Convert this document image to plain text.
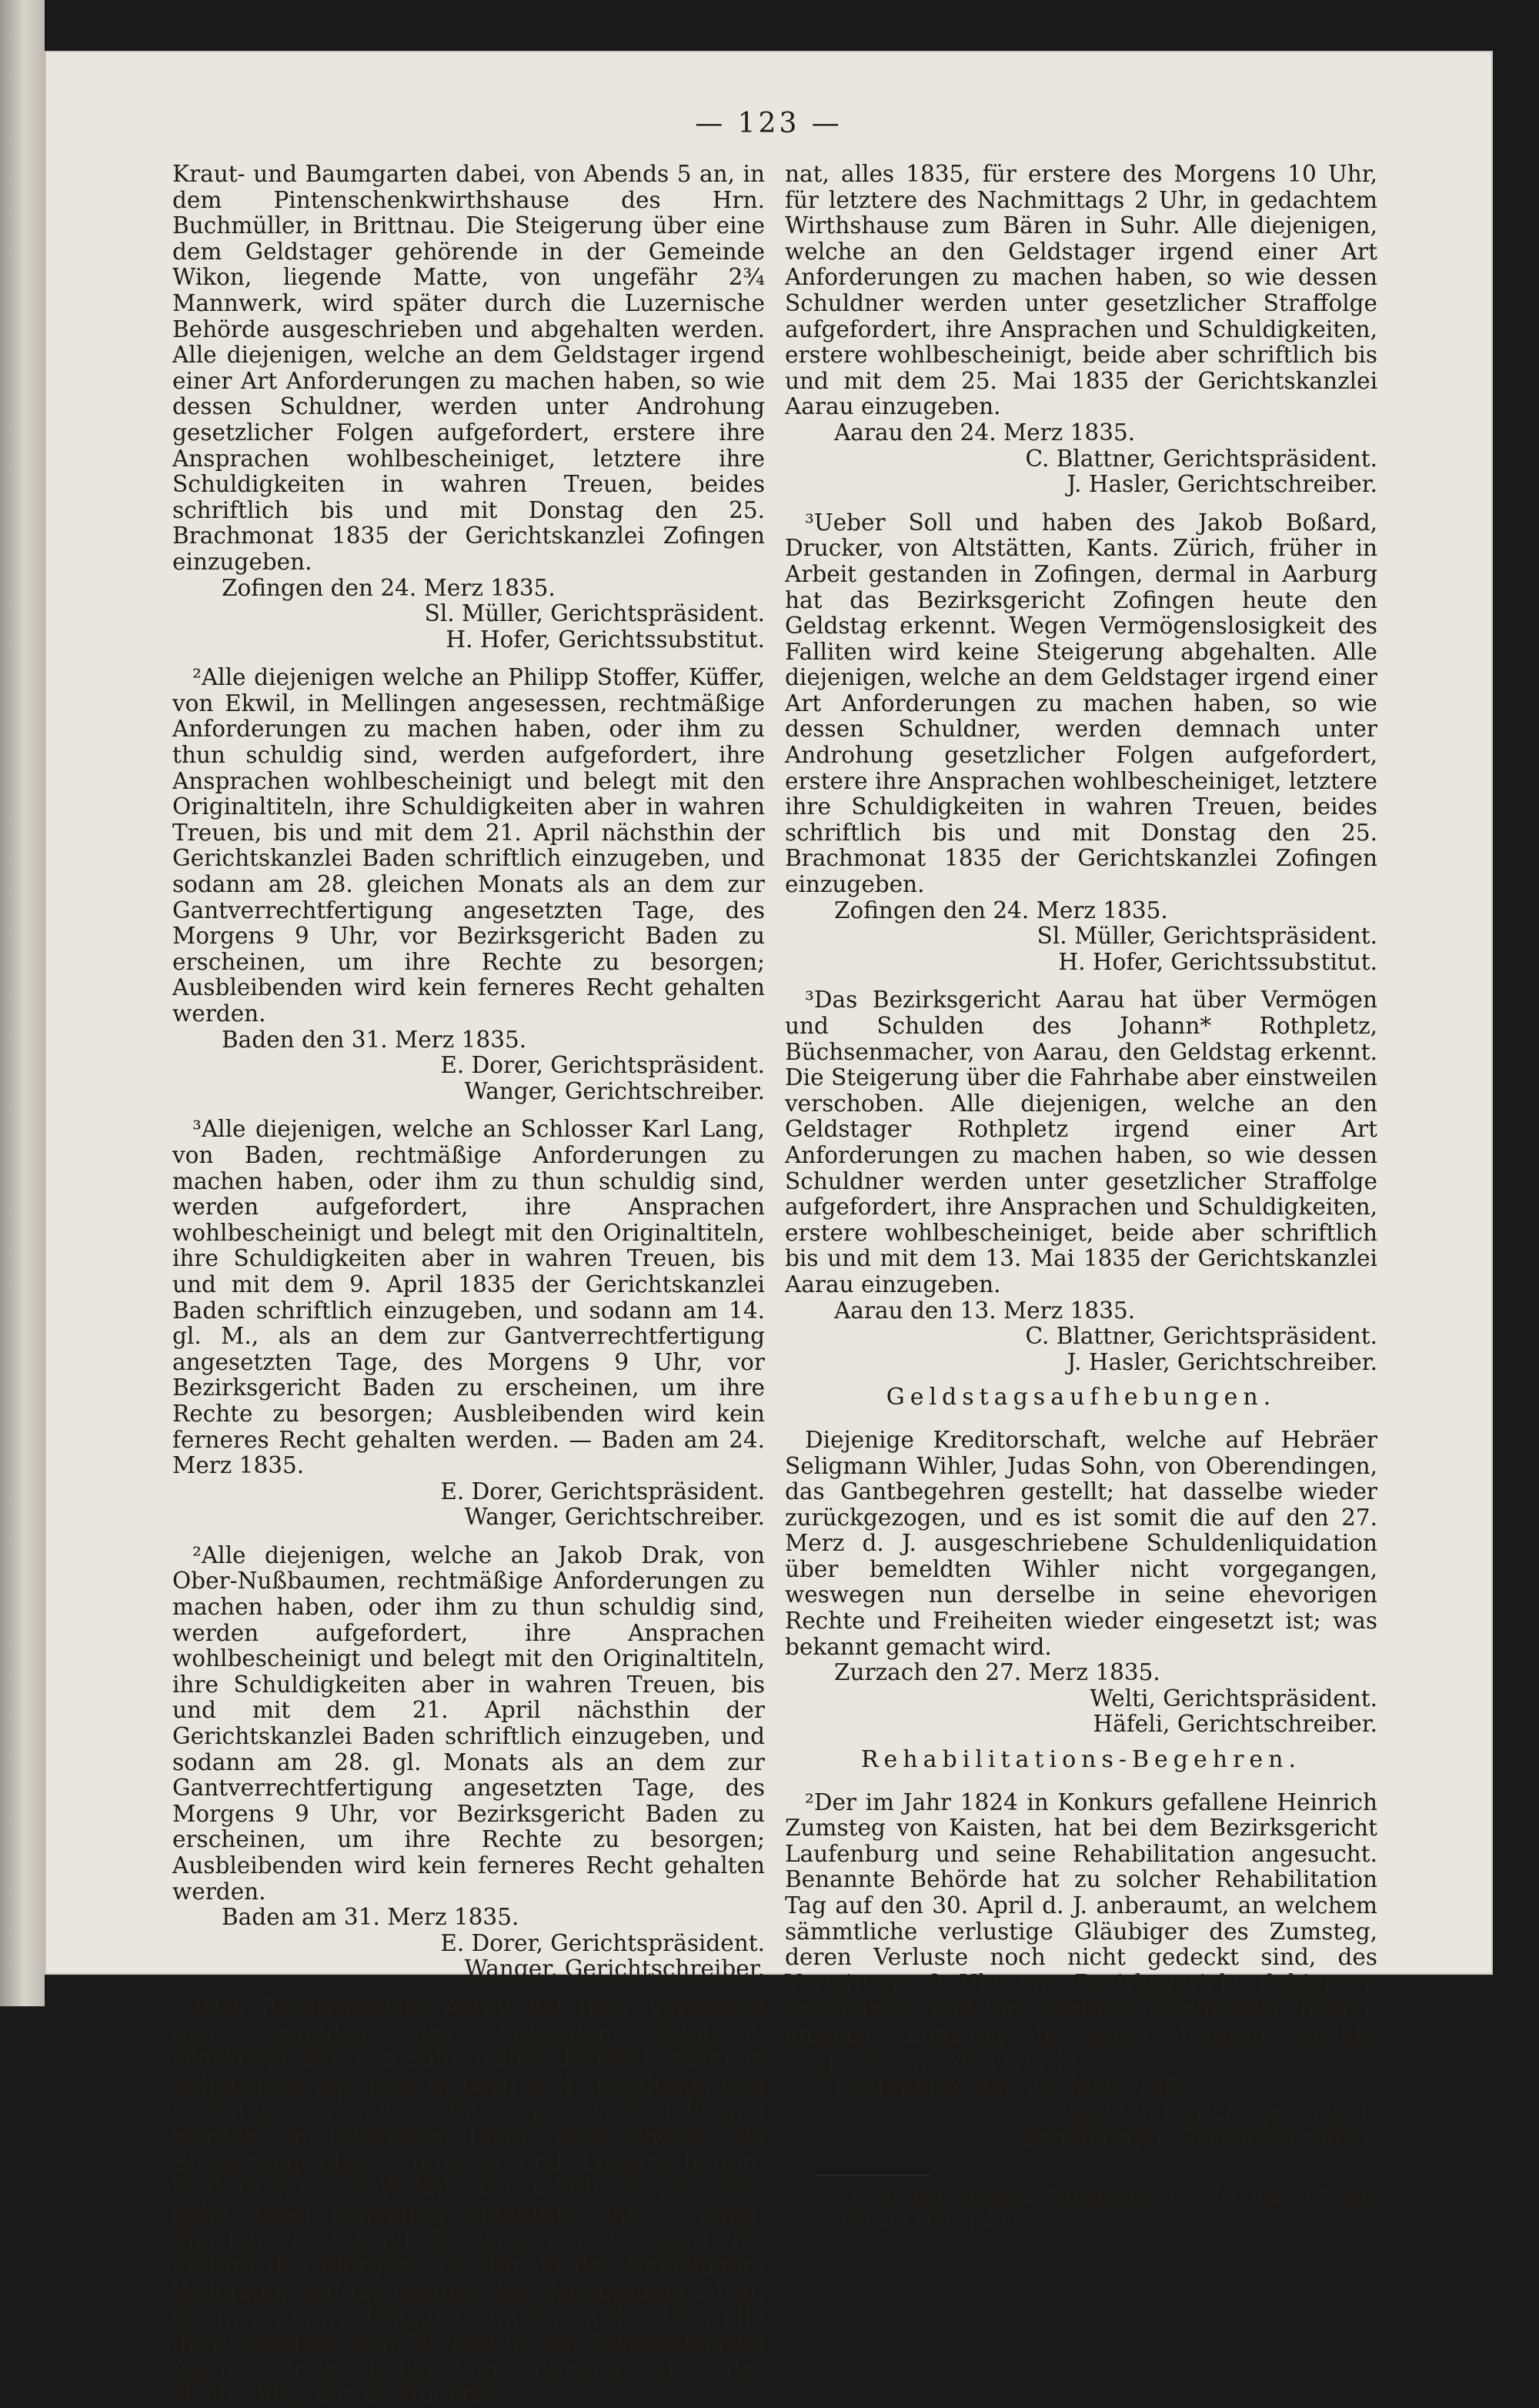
— 123 —

Kraut- und Baumgarten dabei, von Abends 5 an, in dem Pintenschenkwirthshause des Hrn. Buchmüller, in Brittnau. Die Steigerung über eine dem Geldstager gehörende in der Gemeinde Wikon, liegende Matte, von ungefähr 2¾ Mannwerk, wird später durch die Luzernische Behörde ausgeschrieben und abgehalten werden. Alle diejenigen, welche an dem Geldstager irgend einer Art Anforderungen zu machen haben, so wie dessen Schuldner, werden unter Androhung gesetzlicher Folgen aufgefordert, erstere ihre Ansprachen wohlbescheiniget, letztere ihre Schuldigkeiten in wahren Treuen, beides schriftlich bis und mit Donstag den 25. Brachmonat 1835 der Gerichtskanzlei Zofingen einzugeben.

Zofingen den 24. Merz 1835.

Sl. Müller, Gerichtspräsident.

H. Hofer, Gerichtssubstitut.

²Alle diejenigen welche an Philipp Stoffer, Küffer, von Ekwil, in Mellingen angesessen, rechtmäßige Anforderungen zu machen haben, oder ihm zu thun schuldig sind, werden aufgefordert, ihre Ansprachen wohlbescheinigt und belegt mit den Originaltiteln, ihre Schuldigkeiten aber in wahren Treuen, bis und mit dem 21. April nächsthin der Gerichtskanzlei Baden schriftlich einzugeben, und sodann am 28. gleichen Monats als an dem zur Gantverrechtfertigung angesetzten Tage, des Morgens 9 Uhr, vor Bezirksgericht Baden zu erscheinen, um ihre Rechte zu besorgen; Ausbleibenden wird kein ferneres Recht gehalten werden.

Baden den 31. Merz 1835.

E. Dorer, Gerichtspräsident.

Wanger, Gerichtschreiber.

³Alle diejenigen, welche an Schlosser Karl Lang, von Baden, rechtmäßige Anforderungen zu machen haben, oder ihm zu thun schuldig sind, werden aufgefordert, ihre Ansprachen wohlbescheinigt und belegt mit den Originaltiteln, ihre Schuldigkeiten aber in wahren Treuen, bis und mit dem 9. April 1835 der Gerichtskanzlei Baden schriftlich einzugeben, und sodann am 14. gl. M., als an dem zur Gantverrechtfertigung angesetzten Tage, des Morgens 9 Uhr, vor Bezirksgericht Baden zu erscheinen, um ihre Rechte zu besorgen; Ausbleibenden wird kein ferneres Recht gehalten werden. — Baden am 24. Merz 1835.

E. Dorer, Gerichtspräsident.

Wanger, Gerichtschreiber.

²Alle diejenigen, welche an Jakob Drak, von Ober-Nußbaumen, rechtmäßige Anforderungen zu machen haben, oder ihm zu thun schuldig sind, werden aufgefordert, ihre Ansprachen wohlbescheinigt und belegt mit den Originaltiteln, ihre Schuldigkeiten aber in wahren Treuen, bis und mit dem 21. April nächsthin der Gerichtskanzlei Baden schriftlich einzugeben, und sodann am 28. gl. Monats als an dem zur Gantverrechtfertigung angesetzten Tage, des Morgens 9 Uhr, vor Bezirksgericht Baden zu erscheinen, um ihre Rechte zu besorgen; Ausbleibenden wird kein ferneres Recht gehalten werden.

Baden am 31. Merz 1835.

E. Dorer, Gerichtspräsident.

Wanger, Gerichtschreiber.

³Das Bezirksgericht Aarau hat über Vermögen und Schulden des Sebastian Rüetschi, Glockengießer, von Suhr, früher daselbst später in Schinznach und jetzt in Bern sich aufhaltend, den Geldstag erkennt. Daherige Verhandlungen werden an folgenden Tagen statt finden: die Steigerung über Fahrhabe und Liegenschaften, letztere in einem Wohnhause zu Suhr, so wie einer nahe dabei liegenden Gießhütte und 5 Vrlgn. Mattland bestehend, Dienstag den 14. April, für erstere des Morgens 10 Uhr, in des Geldstagers Wohnung, und für letztere des Nachmittags 2 Uhr, im Tavernenwirthshause zum Bären daselbst; alle drei Geldstage den 30. Mai in der Gerichtskanzlei Aarau; dreie Kollokationseröffnung und der Nachschlag den 8. Brachmo-

nat, alles 1835, für erstere des Morgens 10 Uhr, für letztere des Nachmittags 2 Uhr, in gedachtem Wirthshause zum Bären in Suhr. Alle diejenigen, welche an den Geldstager irgend einer Art Anforderungen zu machen haben, so wie dessen Schuldner werden unter gesetzlicher Straffolge aufgefordert, ihre Ansprachen und Schuldigkeiten, erstere wohlbescheinigt, beide aber schriftlich bis und mit dem 25. Mai 1835 der Gerichtskanzlei Aarau einzugeben.

Aarau den 24. Merz 1835.

C. Blattner, Gerichtspräsident.

J. Hasler, Gerichtschreiber.

³Ueber Soll und haben des Jakob Boßard, Drucker, von Altstätten, Kants. Zürich, früher in Arbeit gestanden in Zofingen, dermal in Aarburg hat das Bezirksgericht Zofingen heute den Geldstag erkennt. Wegen Vermögenslosigkeit des Falliten wird keine Steigerung abgehalten. Alle diejenigen, welche an dem Geldstager irgend einer Art Anforderungen zu machen haben, so wie dessen Schuldner, werden demnach unter Androhung gesetzlicher Folgen aufgefordert, erstere ihre Ansprachen wohlbescheiniget, letztere ihre Schuldigkeiten in wahren Treuen, beides schriftlich bis und mit Donstag den 25. Brachmonat 1835 der Gerichtskanzlei Zofingen einzugeben.

Zofingen den 24. Merz 1835.

Sl. Müller, Gerichtspräsident.

H. Hofer, Gerichtssubstitut.

³Das Bezirksgericht Aarau hat über Vermögen und Schulden des Johann* Rothpletz, Büchsenmacher, von Aarau, den Geldstag erkennt. Die Steigerung über die Fahrhabe aber einstweilen verschoben. Alle diejenigen, welche an den Geldstager Rothpletz irgend einer Art Anforderungen zu machen haben, so wie dessen Schuldner werden unter gesetzlicher Straffolge aufgefordert, ihre Ansprachen und Schuldigkeiten, erstere wohlbescheiniget, beide aber schriftlich bis und mit dem 13. Mai 1835 der Gerichtskanzlei Aarau einzugeben.

Aarau den 13. Merz 1835.

C. Blattner, Gerichtspräsident.

J. Hasler, Gerichtschreiber.

Geldstagsaufhebungen.

Diejenige Kreditorschaft, welche auf Hebräer Seligmann Wihler, Judas Sohn, von Oberendingen, das Gantbegehren gestellt; hat dasselbe wieder zurückgezogen, und es ist somit die auf den 27. Merz d. J. ausgeschriebene Schuldenliquidation über bemeldten Wihler nicht vorgegangen, weswegen nun derselbe in seine ehevorigen Rechte und Freiheiten wieder eingesetzt ist; was bekannt gemacht wird.

Zurzach den 27. Merz 1835.

Welti, Gerichtspräsident.

Häfeli, Gerichtschreiber.

Rehabilitations-Begehren.

²Der im Jahr 1824 in Konkurs gefallene Heinrich Zumsteg von Kaisten, hat bei dem Bezirksgericht Laufenburg und seine Rehabilitation angesucht. Benannte Behörde hat zu solcher Rehabilitation Tag auf den 30. April d. J. anberaumt, an welchem sämmtliche verlustige Gläubiger des Zumsteg, deren Verluste noch nicht gedeckt sind, des Vormittags 9 Uhr vor Bezirksgericht dahier zu erscheinen, und ihre Verluste anzumelden haben, ansonst Zumsteg in seine frühern Rechte eingesetzt werden würde.

Laufenburg den 26. Merz 1835.

Dr. Bruggißer, Gerichtspräsident.

Engelberger, Gerichtschreiber.

*) In den vorigen Nummern 12, 13 und 14 lies Johann statt Jakob.
